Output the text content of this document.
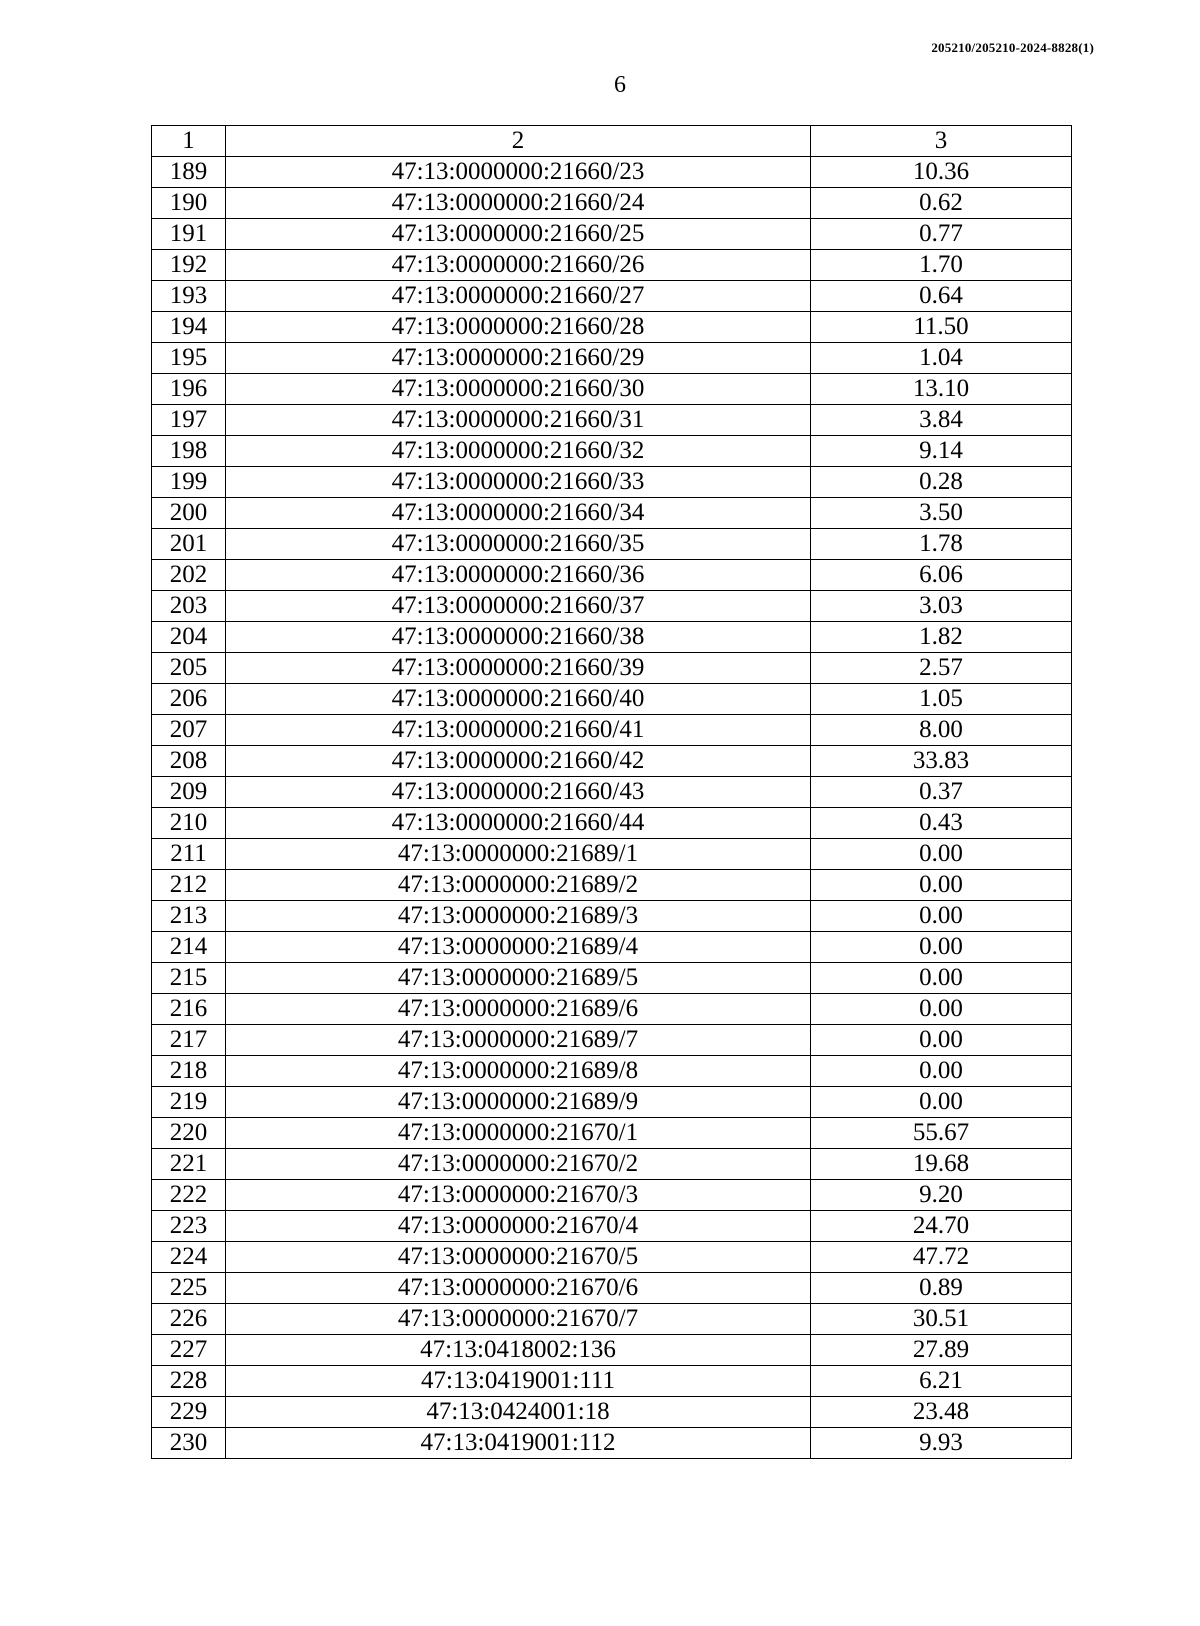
205210/205210-2024-8828(1)
6
1	2	3
189	47:13:0000000:21660/23	10.36
190	47:13:0000000:21660/24	0.62
191	47:13:0000000:21660/25	0.77
192	47:13:0000000:21660/26	1.70
193	47:13:0000000:21660/27	0.64
194	47:13:0000000:21660/28	11.50
195	47:13:0000000:21660/29	1.04
196	47:13:0000000:21660/30	13.10
197	47:13:0000000:21660/31	3.84
198	47:13:0000000:21660/32	9.14
199	47:13:0000000:21660/33	0.28
200	47:13:0000000:21660/34	3.50
201	47:13:0000000:21660/35	1.78
202	47:13:0000000:21660/36	6.06
203	47:13:0000000:21660/37	3.03
204	47:13:0000000:21660/38	1.82
205	47:13:0000000:21660/39	2.57
206	47:13:0000000:21660/40	1.05
207	47:13:0000000:21660/41	8.00
208	47:13:0000000:21660/42	33.83
209	47:13:0000000:21660/43	0.37
210	47:13:0000000:21660/44	0.43
211	47:13:0000000:21689/1	0.00
212	47:13:0000000:21689/2	0.00
213	47:13:0000000:21689/3	0.00
214	47:13:0000000:21689/4	0.00
215	47:13:0000000:21689/5	0.00
216	47:13:0000000:21689/6	0.00
217	47:13:0000000:21689/7	0.00
218	47:13:0000000:21689/8	0.00
219	47:13:0000000:21689/9	0.00
220	47:13:0000000:21670/1	55.67
221	47:13:0000000:21670/2	19.68
222	47:13:0000000:21670/3	9.20
223	47:13:0000000:21670/4	24.70
224	47:13:0000000:21670/5	47.72
225	47:13:0000000:21670/6	0.89
226	47:13:0000000:21670/7	30.51
227	47:13:0418002:136	27.89
228	47:13:0419001:111	6.21
229	47:13:0424001:18	23.48
230	47:13:0419001:112	9.93
